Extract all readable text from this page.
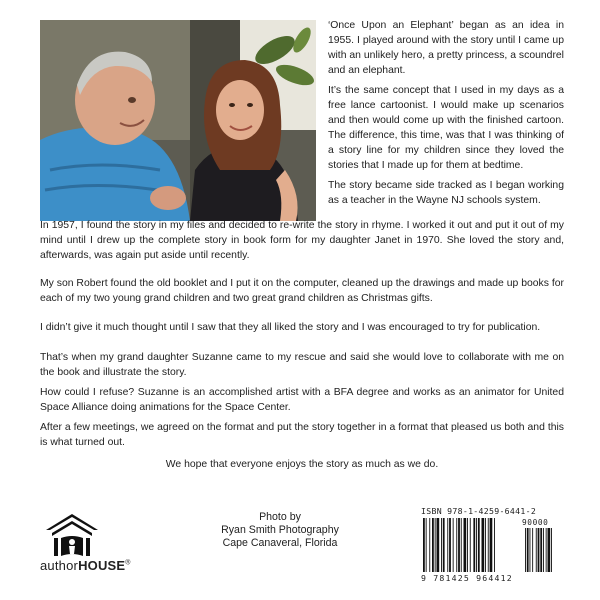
‘Once Upon an Elephant’ began as an idea in 1955. I played around with the story until I came up with an unlikely hero, a pretty princess, a scoundrel and an elephant.

It’s the same concept that I used in my days as a free lance cartoonist. I would make up scenarios and then would come up with the finished cartoon. The difference, this time, was that I was thinking of a story line for my children since they loved the stories that I made up for them at bedtime.

The story became side tracked as I began working as a teacher in the Wayne NJ schools system.

In 1957, I found the story in my files and decided to re-write the story in rhyme. I worked it out and put it out of my mind until I drew up the complete story in book form for my daughter Janet in 1970. She loved the story and, afterwards, was again put aside until recently.

My son Robert found the old booklet and I put it on the computer, cleaned up the drawings and made up books for each of my two young grand children and two great grand children as Christmas gifts.

I didn’t give it much thought until I saw that they all liked the story and I was encouraged to try for publication.

That’s when my grand daughter Suzanne came to my rescue and said she would love to collaborate with me on the book and illustrate the story.

How could I refuse? Suzanne is an accomplished artist with a BFA degree and works as an animator for United Space Alliance doing animations for the Space Center.

After a few meetings, we agreed on the format and put the story together in a format that pleased us both and this is what turned out.

We hope that everyone enjoys the story as much as we do.

authorHOUSE®
Photo by
Ryan Smith Photography
Cape Canaveral, Florida
ISBN 978-1-4259-6441-2
90000
9 781425 964412
